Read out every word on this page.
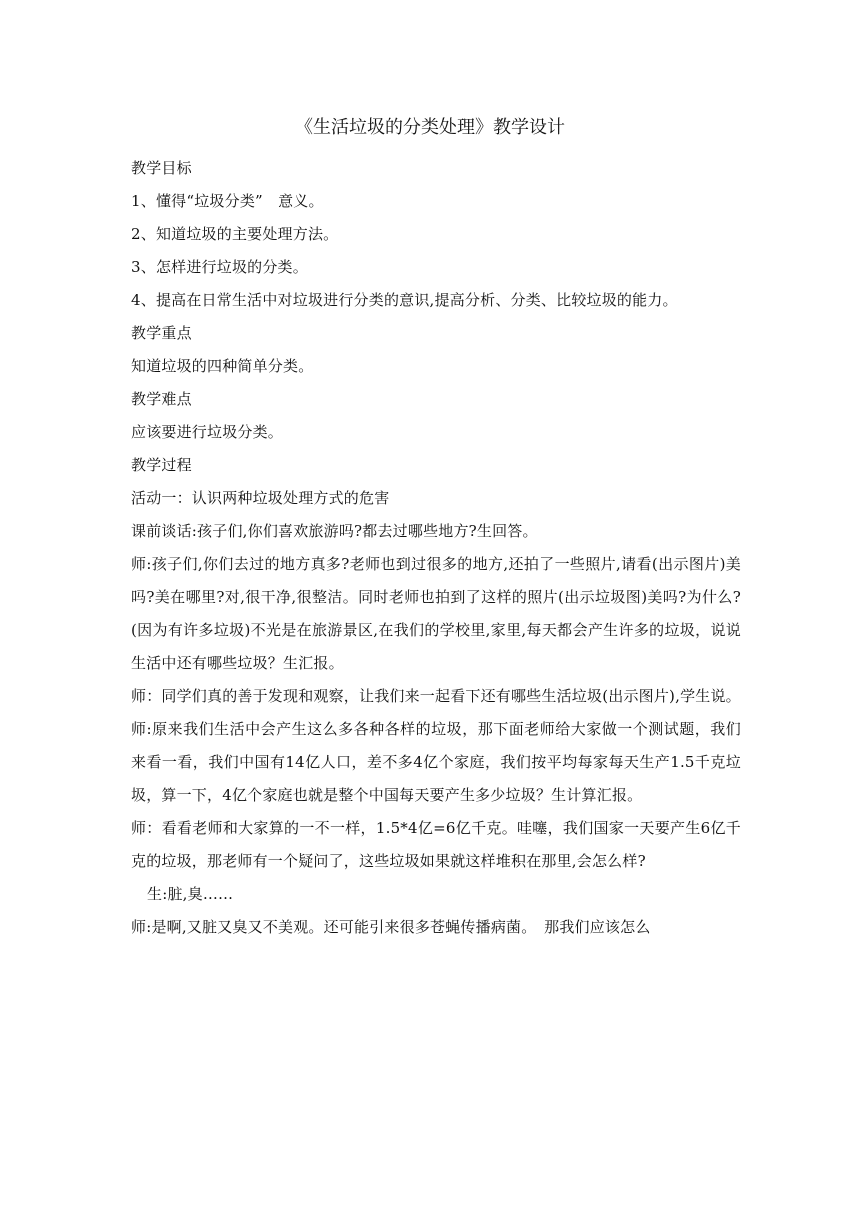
《生活垃圾的分类处理》教学设计

教学目标

1、懂得“垃圾分类”　意义。

2、知道垃圾的主要处理方法。

3、怎样进行垃圾的分类。

4、提高在日常生活中对垃圾进行分类的意识,提高分析、分类、比较垃圾的能力。

教学重点

知道垃圾的四种简单分类。

教学难点

应该要进行垃圾分类。

教学过程

活动一：认识两种垃圾处理方式的危害

课前谈话:孩子们,你们喜欢旅游吗?都去过哪些地方?生回答。

师:孩子们,你们去过的地方真多?老师也到过很多的地方,还拍了一些照片,请看(出示图片)美吗?美在哪里?对,很干净,很整洁。同时老师也拍到了这样的照片(出示垃圾图)美吗?为什么?(因为有许多垃圾)不光是在旅游景区,在我们的学校里,家里,每天都会产生许多的垃圾，说说生活中还有哪些垃圾？生汇报。

师：同学们真的善于发现和观察，让我们来一起看下还有哪些生活垃圾(出示图片),学生说。

师:原来我们生活中会产生这么多各种各样的垃圾，那下面老师给大家做一个测试题，我们来看一看，我们中国有14亿人口，差不多4亿个家庭，我们按平均每家每天生产1.5千克垃圾，算一下，4亿个家庭也就是整个中国每天要产生多少垃圾？生计算汇报。

师：看看老师和大家算的一不一样，1.5*4亿=6亿千克。哇噻，我们国家一天要产生6亿千克的垃圾，那老师有一个疑问了，这些垃圾如果就这样堆积在那里,会怎么样?

生:脏,臭……

师:是啊,又脏又臭又不美观。还可能引来很多苍蝇传播病菌。　那我们应该怎么
